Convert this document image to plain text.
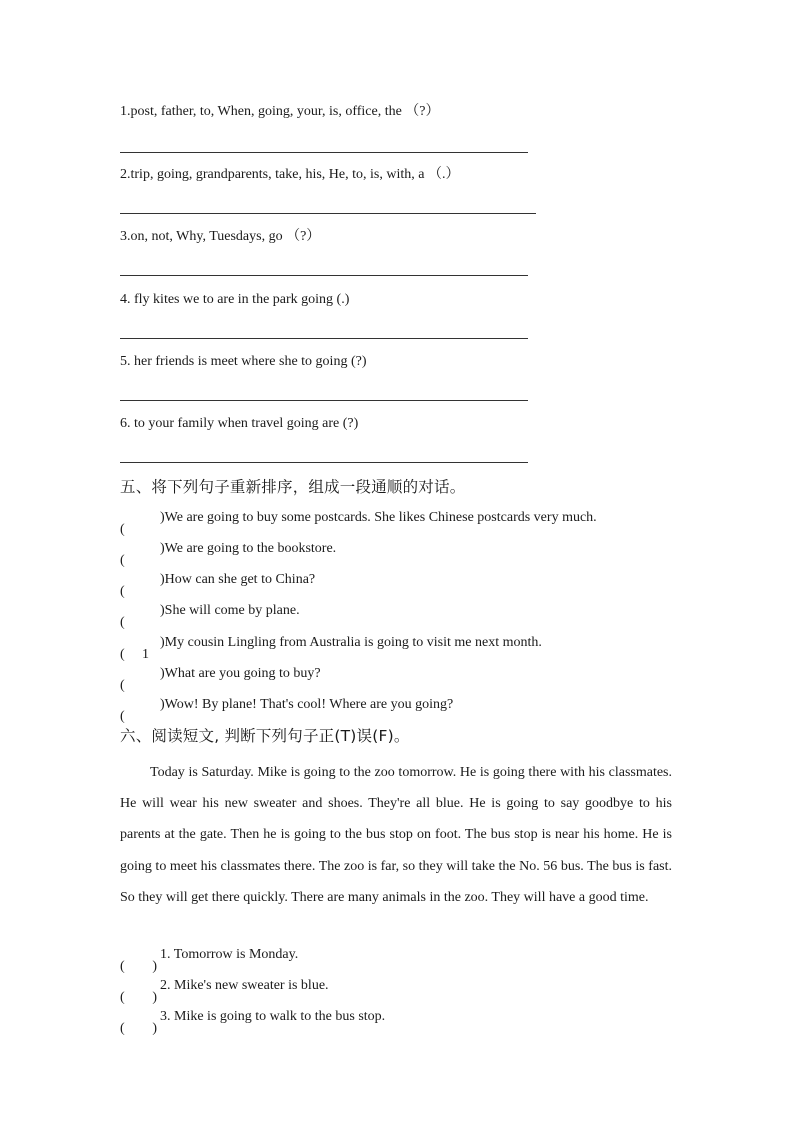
1.post, father, to, When, going, your, is, office, the （?）
2.trip, going, grandparents, take, his, He, to, is, with, a （.）
3.on, not, Why, Tuesdays, go （?）
4. fly kites we to are in the park going (.)
5. her friends is meet where she to going (?)
6. to your family when travel going are (?)
五、将下列句子重新排序，组成一段通顺的对话。
(
)We are going to buy some postcards. She likes Chinese postcards very much.
(
)We are going to the bookstore.
(
)How can she get to China?
(
)She will come by plane.
( 1
)My cousin Lingling from Australia is going to visit me next month.
(
)What are you going to buy?
(
)Wow! By plane! That's cool! Where are you going?
六、阅读短文, 判断下列句子正(T)误(F)。
Today is Saturday. Mike is going to the zoo tomorrow. He is going there with his classmates. He will wear his new sweater and shoes. They're all blue. He is going to say goodbye to his parents at the gate. Then he is going to the bus stop on foot. The bus stop is near his home. He is going to meet his classmates there. The zoo is far, so they will take the No. 56 bus. The bus is fast. So they will get there quickly. There are many animals in the zoo. They will have a good time.
( )
1. Tomorrow is Monday.
( )
2. Mike's new sweater is blue.
( )
3. Mike is going to walk to the bus stop.
